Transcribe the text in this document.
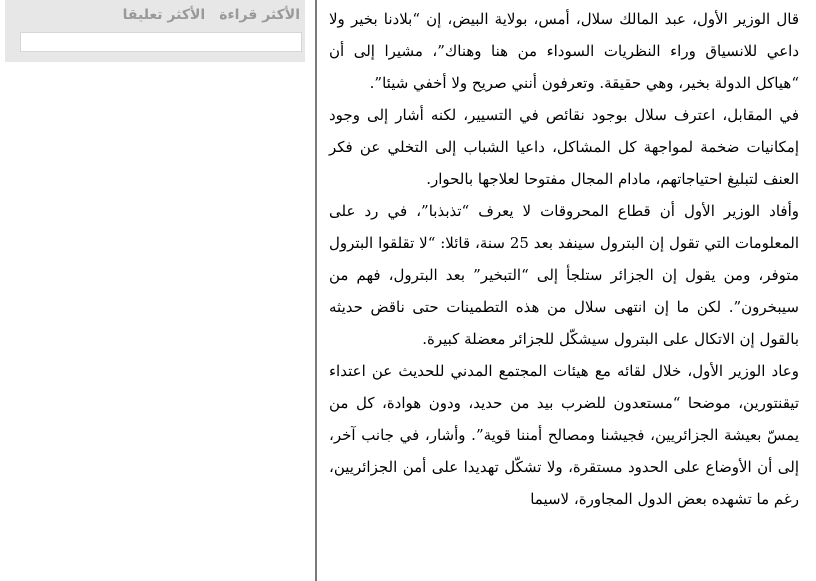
الأكثر قراءة
الأكثر تعليقا	قال الوزير الأول، عبد المالك سلال، أمس، بولاية البيض، إن “بلادنا بخير ولا داعي للانسياق وراء النظريات السوداء من هنا وهناك”، مشيرا إلى أن “هياكل الدولة بخير، وهي حقيقة. وتعرفون أنني صريح ولا أخفي شيئا”.

في المقابل، اعترف سلال بوجود نقائص في التسيير، لكنه أشار إلى وجود إمكانيات ضخمة لمواجهة كل المشاكل، داعيا الشباب إلى التخلي عن فكر العنف لتبليغ احتياجاتهم، مادام المجال مفتوحا لعلاجها بالحوار.

وأفاد الوزير الأول أن قطاع المحروقات لا يعرف “تذبذبا”، في رد على المعلومات التي تقول إن البترول سينفد بعد 25 سنة، قائلا: “لا تقلقوا البترول متوفر، ومن يقول إن الجزائر ستلجأ إلى “التبخير” بعد البترول، فهم من سيبخرون”. لكن ما إن انتهى سلال من هذه التطمينات حتى ناقض حديثه بالقول إن الاتكال على البترول سيشكّل للجزائر معضلة كبيرة.

وعاد الوزير الأول، خلال لقائه مع هيئات المجتمع المدني للحديث عن اعتداء تيقنتورين، موضحا “مستعدون للضرب بيد من حديد، ودون هوادة، كل من يمسّ بعيشة الجزائريين، فجيشنا ومصالح أمننا قوية”. وأشار، في جانب آخر، إلى أن الأوضاع على الحدود مستقرة، ولا تشكّل تهديدا على أمن الجزائريين، رغم ما تشهده بعض الدول المجاورة، لاسيما
